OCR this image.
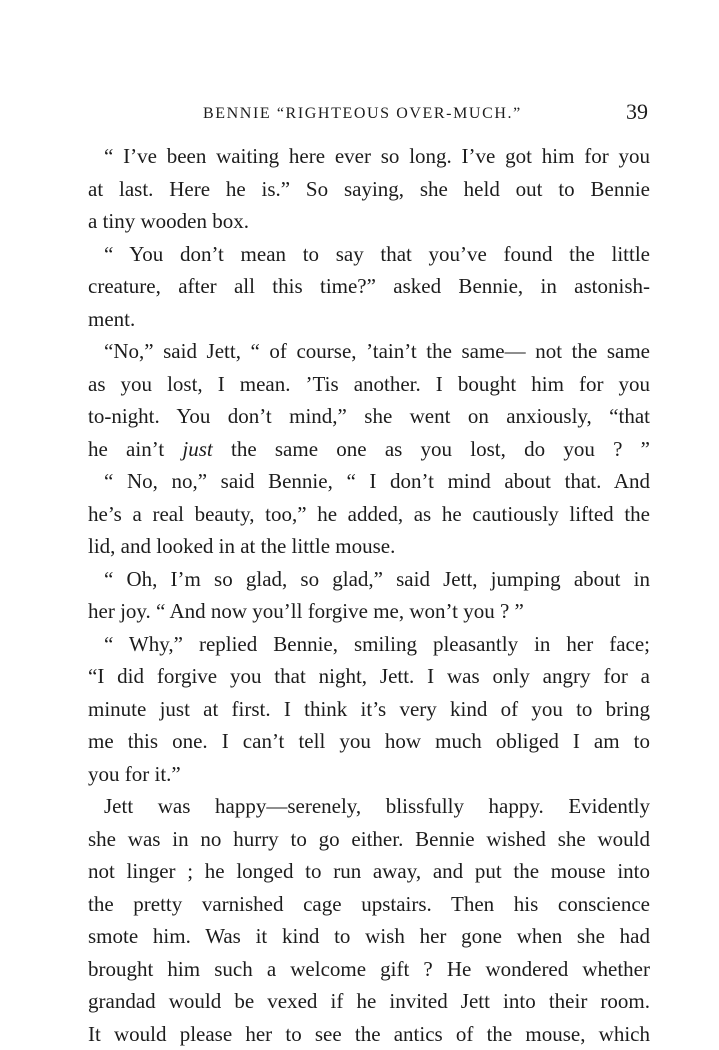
BENNIE “RIGHTEOUS OVER-MUCH.”	39
“ I’ve been waiting here ever so long. I’ve got him for you
at last. Here he is.” So saying, she held out to Bennie
a tiny wooden box.
“ You don’t mean to say that you’ve found the little
creature, after all this time?” asked Bennie, in astonish-
ment.
“No,” said Jett, “ of course, ’tain’t the same— not the same
as you lost, I mean. ’Tis another. I bought him for you
to-night. You don’t mind,” she went on anxiously, “that
he ain’t just the same one as you lost, do you ? ”
“ No, no,” said Bennie, “ I don’t mind about that. And
he’s a real beauty, too,” he added, as he cautiously lifted the
lid, and looked in at the little mouse.
“ Oh, I’m so glad, so glad,” said Jett, jumping about in
her joy. “ And now you’ll forgive me, won’t you ? ”
“ Why,” replied Bennie, smiling pleasantly in her face;
“I did forgive you that night, Jett. I was only angry for a
minute just at first. I think it’s very kind of you to bring
me this one. I can’t tell you how much obliged I am to
you for it.”
Jett was happy—serenely, blissfully happy. Evidently
she was in no hurry to go either. Bennie wished she would
not linger ; he longed to run away, and put the mouse into
the pretty varnished cage upstairs. Then his conscience
smote him. Was it kind to wish her gone when she had
brought him such a welcome gift ? He wondered whether
grandad would be vexed if he invited Jett into their room.
It would please her to see the antics of the mouse, which
